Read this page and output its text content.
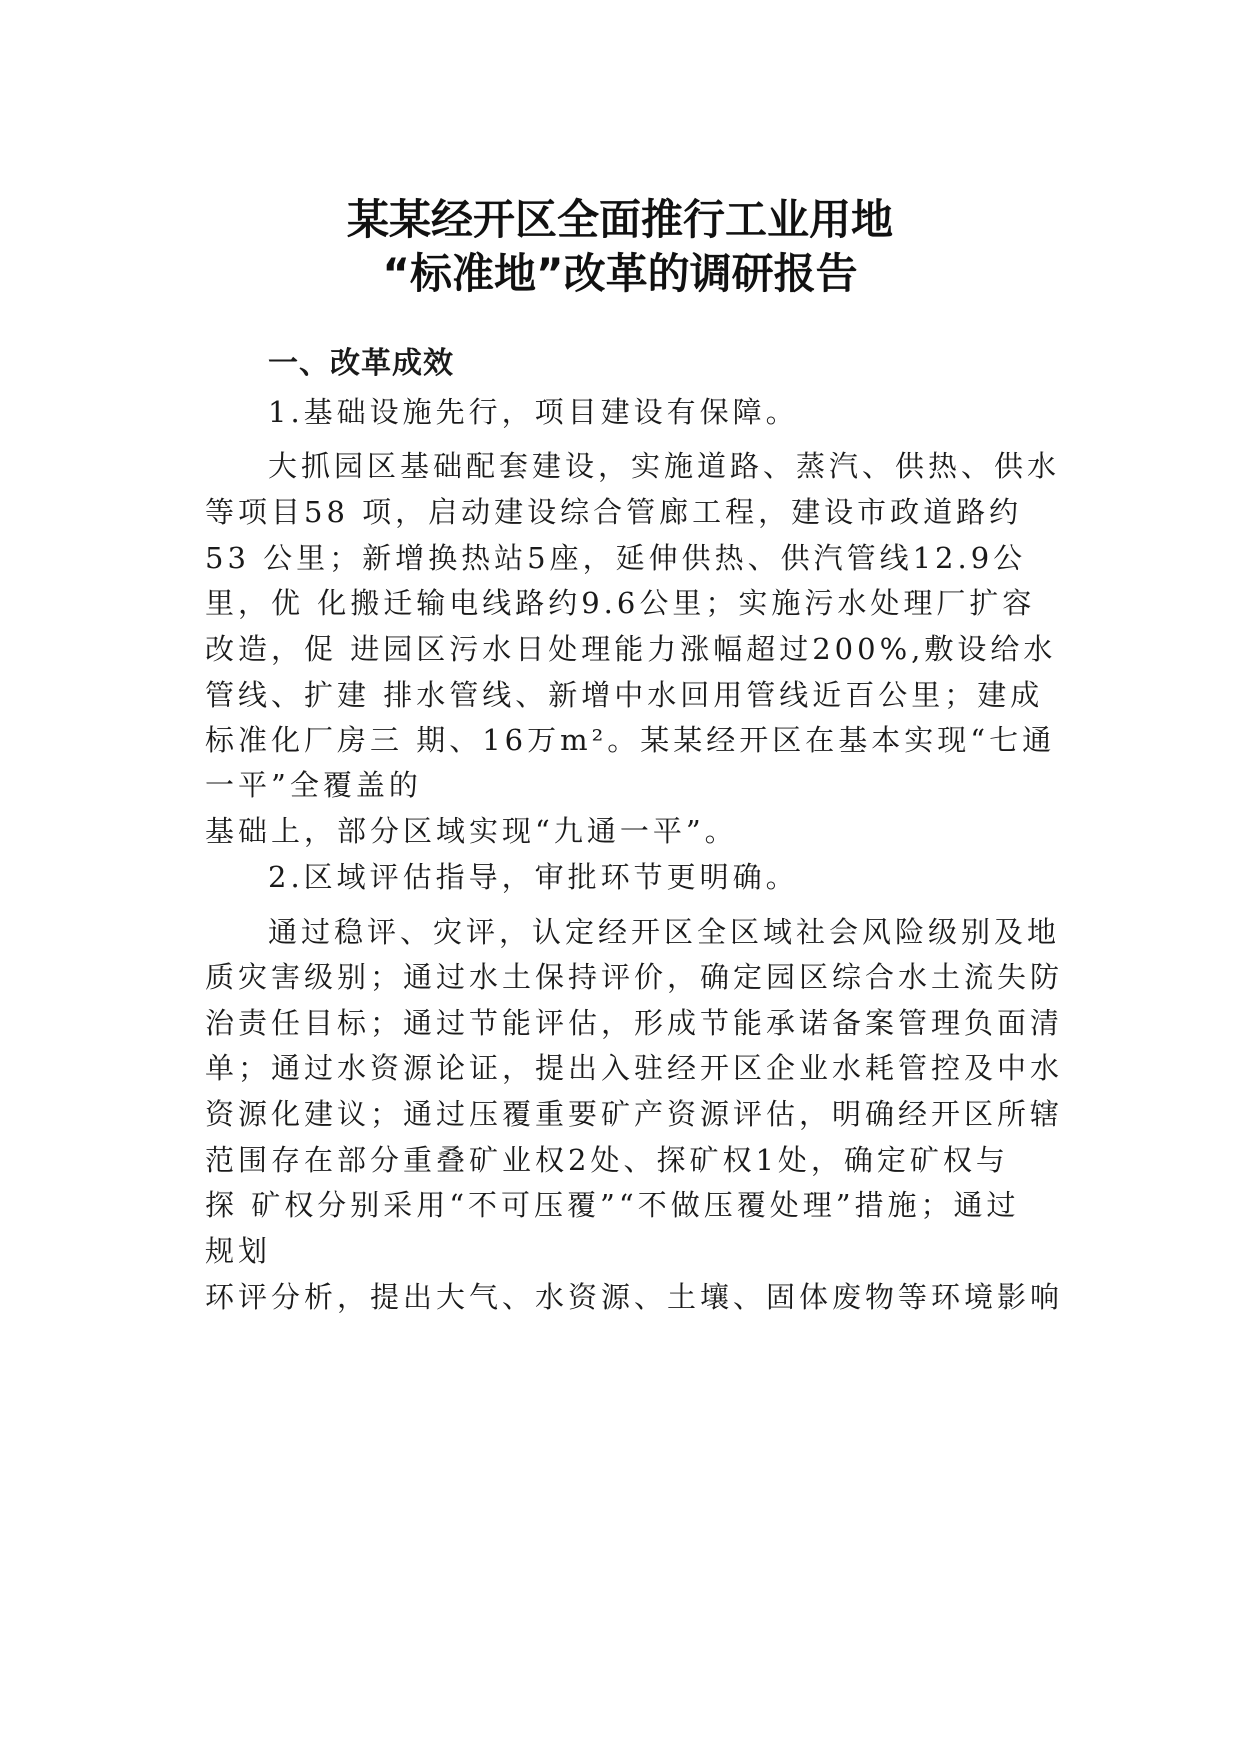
某某经开区全面推行工业用地
“标准地”改革的调研报告
一、改革成效
1.基础设施先行，项目建设有保障。
大抓园区基础配套建设，实施道路、蒸汽、供热、供水
等项目58 项，启动建设综合管廊工程，建设市政道路约
53 公里；新增换热站5座，延伸供热、供汽管线12.9公
里，优 化搬迁输电线路约9.6公里；实施污水处理厂扩容
改造，促 进园区污水日处理能力涨幅超过200%,敷设给水
管线、扩建 排水管线、新增中水回用管线近百公里；建成
标准化厂房三 期、16万m²。某某经开区在基本实现“七通
一平”全覆盖的
基础上，部分区域实现“九通一平”。
2.区域评估指导，审批环节更明确。
通过稳评、灾评，认定经开区全区域社会风险级别及地
质灾害级别；通过水土保持评价，确定园区综合水土流失防
治责任目标；通过节能评估，形成节能承诺备案管理负面清
单；通过水资源论证，提出入驻经开区企业水耗管控及中水
资源化建议；通过压覆重要矿产资源评估，明确经开区所辖
范围存在部分重叠矿业权2处、探矿权1处，确定矿权与
探 矿权分别采用“不可压覆”“不做压覆处理”措施；通过
规划
环评分析，提出大气、水资源、土壤、固体废物等环境影响
